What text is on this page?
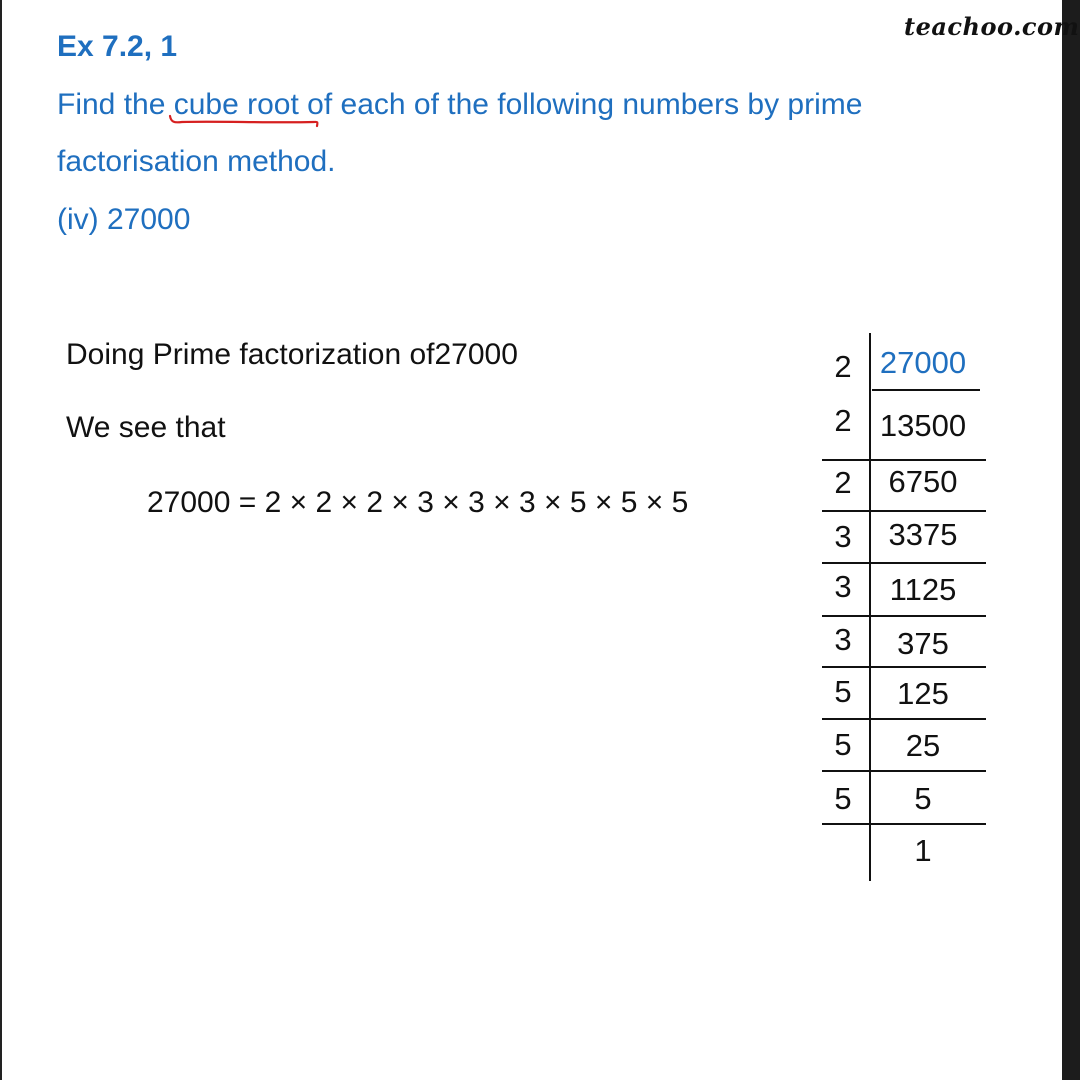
teachoo.com
Ex 7.2, 1
Find the cube root of each of the following numbers by prime
factorisation method.
(iv) 27000
Doing Prime factorization of27000
We see that
27000 = 2 × 2 × 2 × 3 × 3 × 3 × 5 × 5 × 5
2 27000
2 13500
2	6750
3	3375
3	1125
3	375
5	125
5	25
5	5
1
